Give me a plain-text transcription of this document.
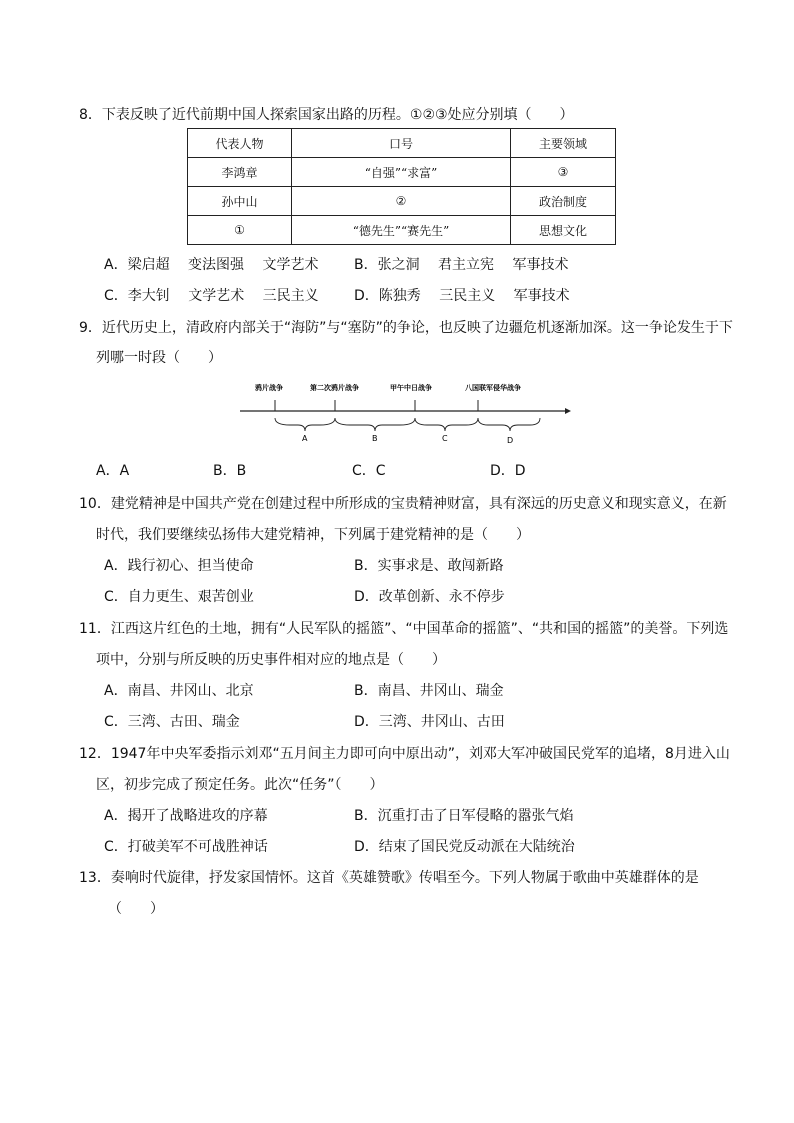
8．下表反映了近代前期中国人探索国家出路的历程。①②③处应分别填（　　）
代表人物	口号	主要领域
李鸿章	“自强”“求富”	③
孙中山	②	政治制度
①	“德先生”“赛先生”	思想文化
A．梁启超　 变法图强　 文学艺术	B．张之洞　 君主立宪　 军事技术
C．李大钊　 文学艺术　 三民主义	D．陈独秀　 三民主义　 军事技术
9．近代历史上，清政府内部关于“海防”与“塞防”的争论，也反映了边疆危机逐渐加深。这一争论发生于下
列哪一时段（　　）
鸦片战争	第二次鸦片战争	甲午中日战争	八国联军侵华战争
A	B	C	D
A．A	B．B	C．C	D．D
10．建党精神是中国共产党在创建过程中所形成的宝贵精神财富，具有深远的历史意义和现实意义，在新
时代，我们要继续弘扬伟大建党精神，下列属于建党精神的是（　　）
A．践行初心、担当使命	B．实事求是、敢闯新路
C．自力更生、艰苦创业	D．改革创新、永不停步
11．江西这片红色的土地，拥有“人民军队的摇篮”、“中国革命的摇篮”、“共和国的摇篮”的美誉。下列选
项中，分别与所反映的历史事件相对应的地点是（　　）
A．南昌、井冈山、北京	B．南昌、井冈山、瑞金
C．三湾、古田、瑞金	D．三湾、井冈山、古田
12．1947年中央军委指示刘邓“五月间主力即可向中原出动”，刘邓大军冲破国民党军的追堵，8月进入山
区，初步完成了预定任务。此次“任务”（　　）
A．揭开了战略进攻的序幕	B．沉重打击了日军侵略的嚣张气焰
C．打破美军不可战胜神话	D．结束了国民党反动派在大陆统治
13．奏响时代旋律，抒发家国情怀。这首《英雄赞歌》传唱至今。下列人物属于歌曲中英雄群体的是
（　　）
